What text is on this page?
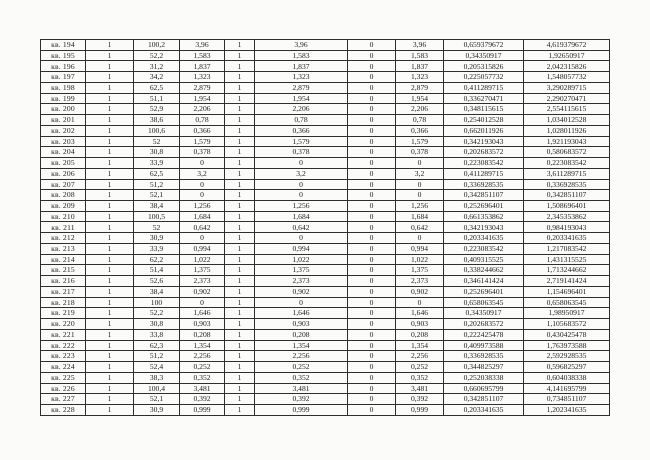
кв. 194	1	100,2	3,96	1	3,96	0	3,96	0,659379672	4,619379672
кв. 195	1	52,2	1,583	1	1,583	0	1,583	0,34350917	1,92650917
кв. 196	1	31,2	1,837	1	1,837	0	1,837	0,205315826	2,042315826
кв. 197	1	34,2	1,323	1	1,323	0	1,323	0,225057732	1,548057732
кв. 198	1	62,5	2,879	1	2,879	0	2,879	0,411289715	3,290289715
кв. 199	1	51,1	1,954	1	1,954	0	1,954	0,336270471	2,290270471
кв. 200	1	52,9	2,206	1	2,206	0	2,206	0,348115615	2,554115615
кв. 201	1	38,6	0,78	1	0,78	0	0,78	0,254012528	1,034012528
кв. 202	1	100,6	0,366	1	0,366	0	0,366	0,662011926	1,028011926
кв. 203	1	52	1,579	1	1,579	0	1,579	0,342193043	1,921193043
кв. 204	1	30,8	0,378	1	0,378	0	0,378	0,202683572	0,580683572
кв. 205	1	33,9	0	1	0	0	0	0,223083542	0,223083542
кв. 206	1	62,5	3,2	1	3,2	0	3,2	0,411289715	3,611289715
кв. 207	1	51,2	0	1	0	0	0	0,336928535	0,336928535
кв. 208	1	52,1	0	1	0	0	0	0,342851107	0,342851107
кв. 209	1	38,4	1,256	1	1,256	0	1,256	0,252696401	1,508696401
кв. 210	1	100,5	1,684	1	1,684	0	1,684	0,661353862	2,345353862
кв. 211	1	52	0,642	1	0,642	0	0,642	0,342193043	0,984193043
кв. 212	1	30,9	0	1	0	0	0	0,203341635	0,203341635
кв. 213	1	33,9	0,994	1	0,994	0	0,994	0,223083542	1,217083542
кв. 214	1	62,2	1,022	1	1,022	0	1,022	0,409315525	1,431315525
кв. 215	1	51,4	1,375	1	1,375	0	1,375	0,338244662	1,713244662
кв. 216	1	52,6	2,373	1	2,373	0	2,373	0,346141424	2,719141424
кв. 217	1	38,4	0,902	1	0,902	0	0,902	0,252696401	1,154696401
кв. 218	1	100	0	1	0	0	0	0,658063545	0,658063545
кв. 219	1	52,2	1,646	1	1,646	0	1,646	0,34350917	1,98950917
кв. 220	1	30,8	0,903	1	0,903	0	0,903	0,202683572	1,105683572
кв. 221	1	33,8	0,208	1	0,208	0	0,208	0,222425478	0,430425478
кв. 222	1	62,3	1,354	1	1,354	0	1,354	0,409973588	1,763973588
кв. 223	1	51,2	2,256	1	2,256	0	2,256	0,336928535	2,592928535
кв. 224	1	52,4	0,252	1	0,252	0	0,252	0,344825297	0,596825297
кв. 225	1	38,3	0,352	1	0,352	0	0,352	0,252038338	0,604038338
кв. 226	1	100,4	3,481	1	3,481	0	3,481	0,660695799	4,141695799
кв. 227	1	52,1	0,392	1	0,392	0	0,392	0,342851107	0,734851107
кв. 228	1	30,9	0,999	1	0,999	0	0,999	0,203341635	1,202341635
